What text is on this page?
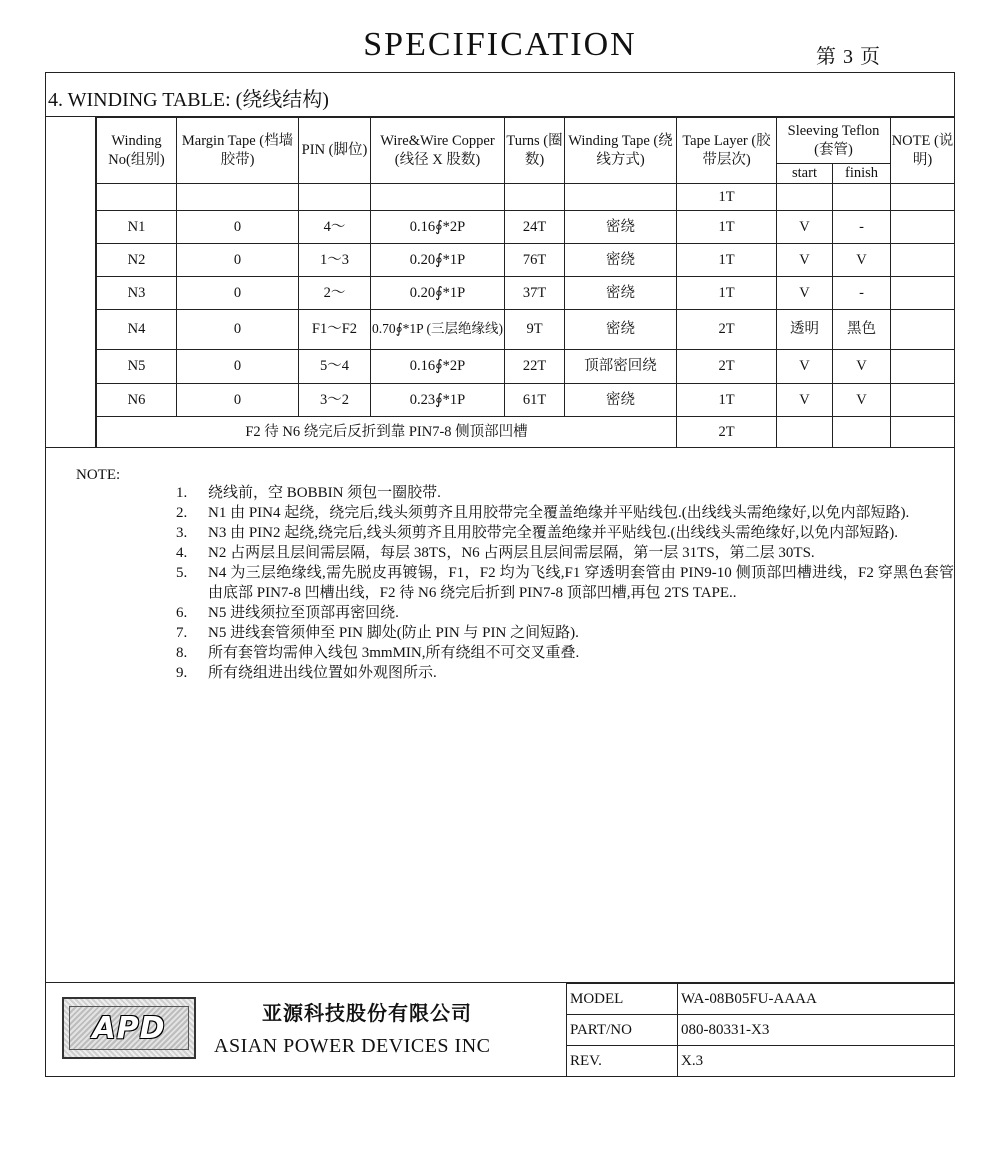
SPECIFICATION	第 3 页
4. WINDING TABLE: (绕线结构)
Winding No(组别)	Margin Tape (档墙胶带)	PIN (脚位)	Wire&Wire Copper (线径 X 股数)	Turns (圈数)	Winding Tape (绕线方式)	Tape Layer (胶带层次)	Sleeving Teflon (套管)		NOTE (说明)
							start	finish	
						1T			
N1	0	4～	0.16∮*2P	24T	密绕	1T	V	-	
N2	0	1～3	0.20∮*1P	76T	密绕	1T	V	V	
N3	0	2～	0.20∮*1P	37T	密绕	1T	V	-	
N4	0	F1～F2	0.70∮*1P (三层绝缘线)	9T	密绕	2T	透明	黑色	
N5	0	5～4	0.16∮*2P	22T	顶部密回绕	2T	V	V	
N6	0	3～2	0.23∮*1P	61T	密绕	1T	V	V	
F2 待 N6 绕完后反折到靠 PIN7-8 侧顶部凹槽						2T			
NOTE:
1.	绕线前，空 BOBBIN 须包一圈胶带.
2.	N1 由 PIN4 起绕，绕完后,线头须剪齐且用胶带完全覆盖绝缘并平贴线包.(出线线头需绝缘好,以免内部短路).
3.	N3 由 PIN2 起绕,绕完后,线头须剪齐且用胶带完全覆盖绝缘并平贴线包.(出线线头需绝缘好,以免内部短路).
4.	N2 占两层且层间需层隔，每层 38TS，N6 占两层且层间需层隔，第一层 31TS，第二层 30TS.
5.	N4 为三层绝缘线,需先脱皮再镀锡，F1，F2 均为飞线,F1 穿透明套管由 PIN9-10 侧顶部凹槽进线，F2 穿黑色套管由底部 PIN7-8 凹槽出线，F2 待 N6 绕完后折到 PIN7-8 顶部凹槽,再包 2TS TAPE..
6.	N5 进线须拉至顶部再密回绕.
7.	N5 进线套管须伸至 PIN 脚处(防止 PIN 与 PIN 之间短路).
8.	所有套管均需伸入线包 3mmMIN,所有绕组不可交叉重叠.
9.	所有绕组进出线位置如外观图所示.
APD	亚源科技股份有限公司
ASIAN POWER DEVICES INC
MODEL	WA-08B05FU-AAAA
PART/NO	080-80331-X3
REV.	X.3
